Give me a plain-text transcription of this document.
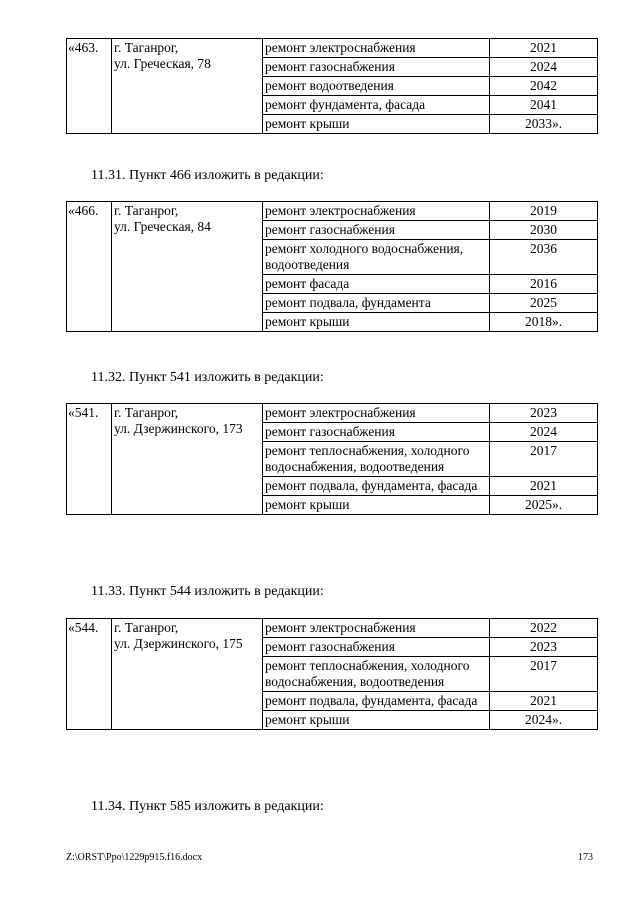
«463.	г. Таганрог,
ул. Греческая, 78	ремонт электроснабжения	2021
		ремонт газоснабжения	2024
		ремонт водоотведения	2042
		ремонт фундамента, фасада	2041
		ремонт крыши	2033».
11.31. Пункт 466 изложить в редакции:
«466.	г. Таганрог,
ул. Греческая, 84	ремонт электроснабжения	2019
		ремонт газоснабжения	2030
		ремонт холодного водоснабжения, водоотведения	2036
		ремонт фасада	2016
		ремонт подвала, фундамента	2025
		ремонт крыши	2018».
11.32. Пункт 541 изложить в редакции:
«541.	г. Таганрог,
ул. Дзержинского, 173	ремонт электроснабжения	2023
		ремонт газоснабжения	2024
		ремонт теплоснабжения, холодного водоснабжения, водоотведения	2017
		ремонт подвала, фундамента, фасада	2021
		ремонт крыши	2025».
11.33. Пункт 544 изложить в редакции:
«544.	г. Таганрог,
ул. Дзержинского, 175	ремонт электроснабжения	2022
		ремонт газоснабжения	2023
		ремонт теплоснабжения, холодного водоснабжения, водоотведения	2017
		ремонт подвала, фундамента, фасада	2021
		ремонт крыши	2024».
11.34. Пункт 585 изложить в редакции:
Z:\ORST\Ppo\1229p915.f16.docx	173
